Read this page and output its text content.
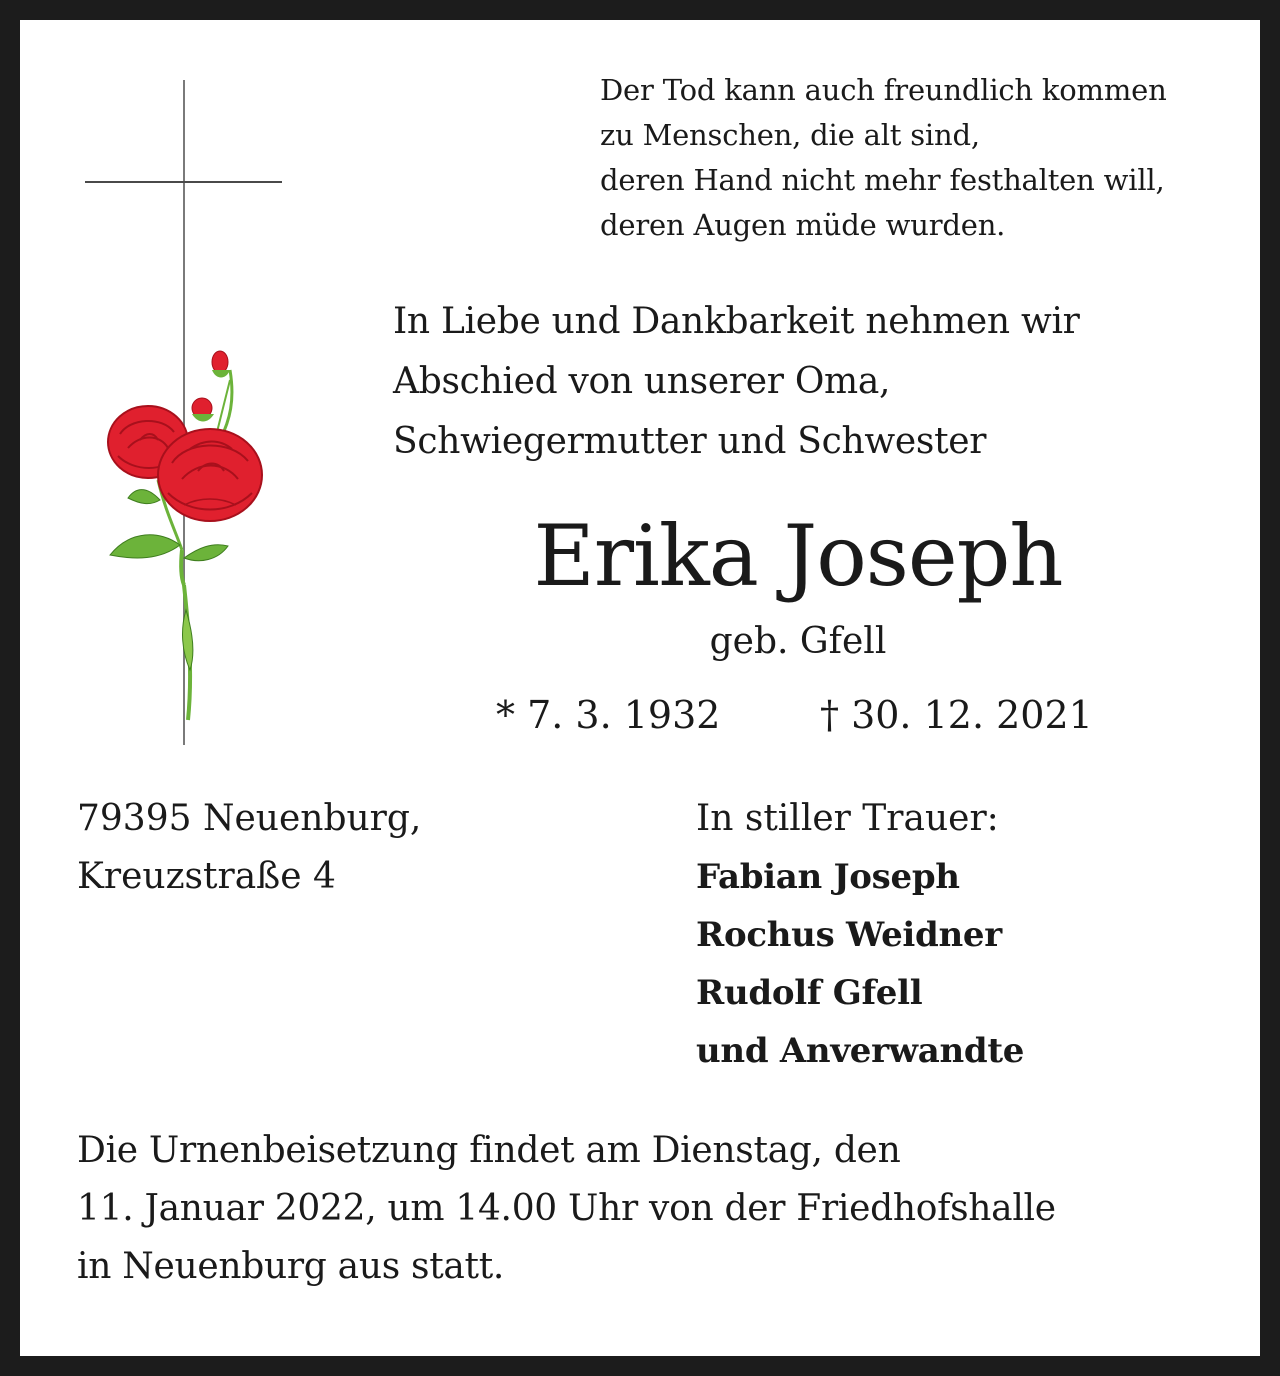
Der Tod kann auch freundlich kommen
zu Menschen, die alt sind,
deren Hand nicht mehr festhalten will,
deren Augen müde wurden.
In Liebe und Dankbarkeit nehmen wir
Abschied von unserer Oma,
Schwiegermutter und Schwester
Erika Joseph
geb. Gfell
* 7. 3. 1932	† 30. 12. 2021
79395 Neuenburg,
Kreuzstraße 4
In stiller Trauer:
Fabian Joseph
Rochus Weidner
Rudolf Gfell
und Anverwandte
Die Urnenbeisetzung findet am Dienstag, den
11. Januar 2022, um 14.00 Uhr von der Friedhofshalle
in Neuenburg aus statt.
